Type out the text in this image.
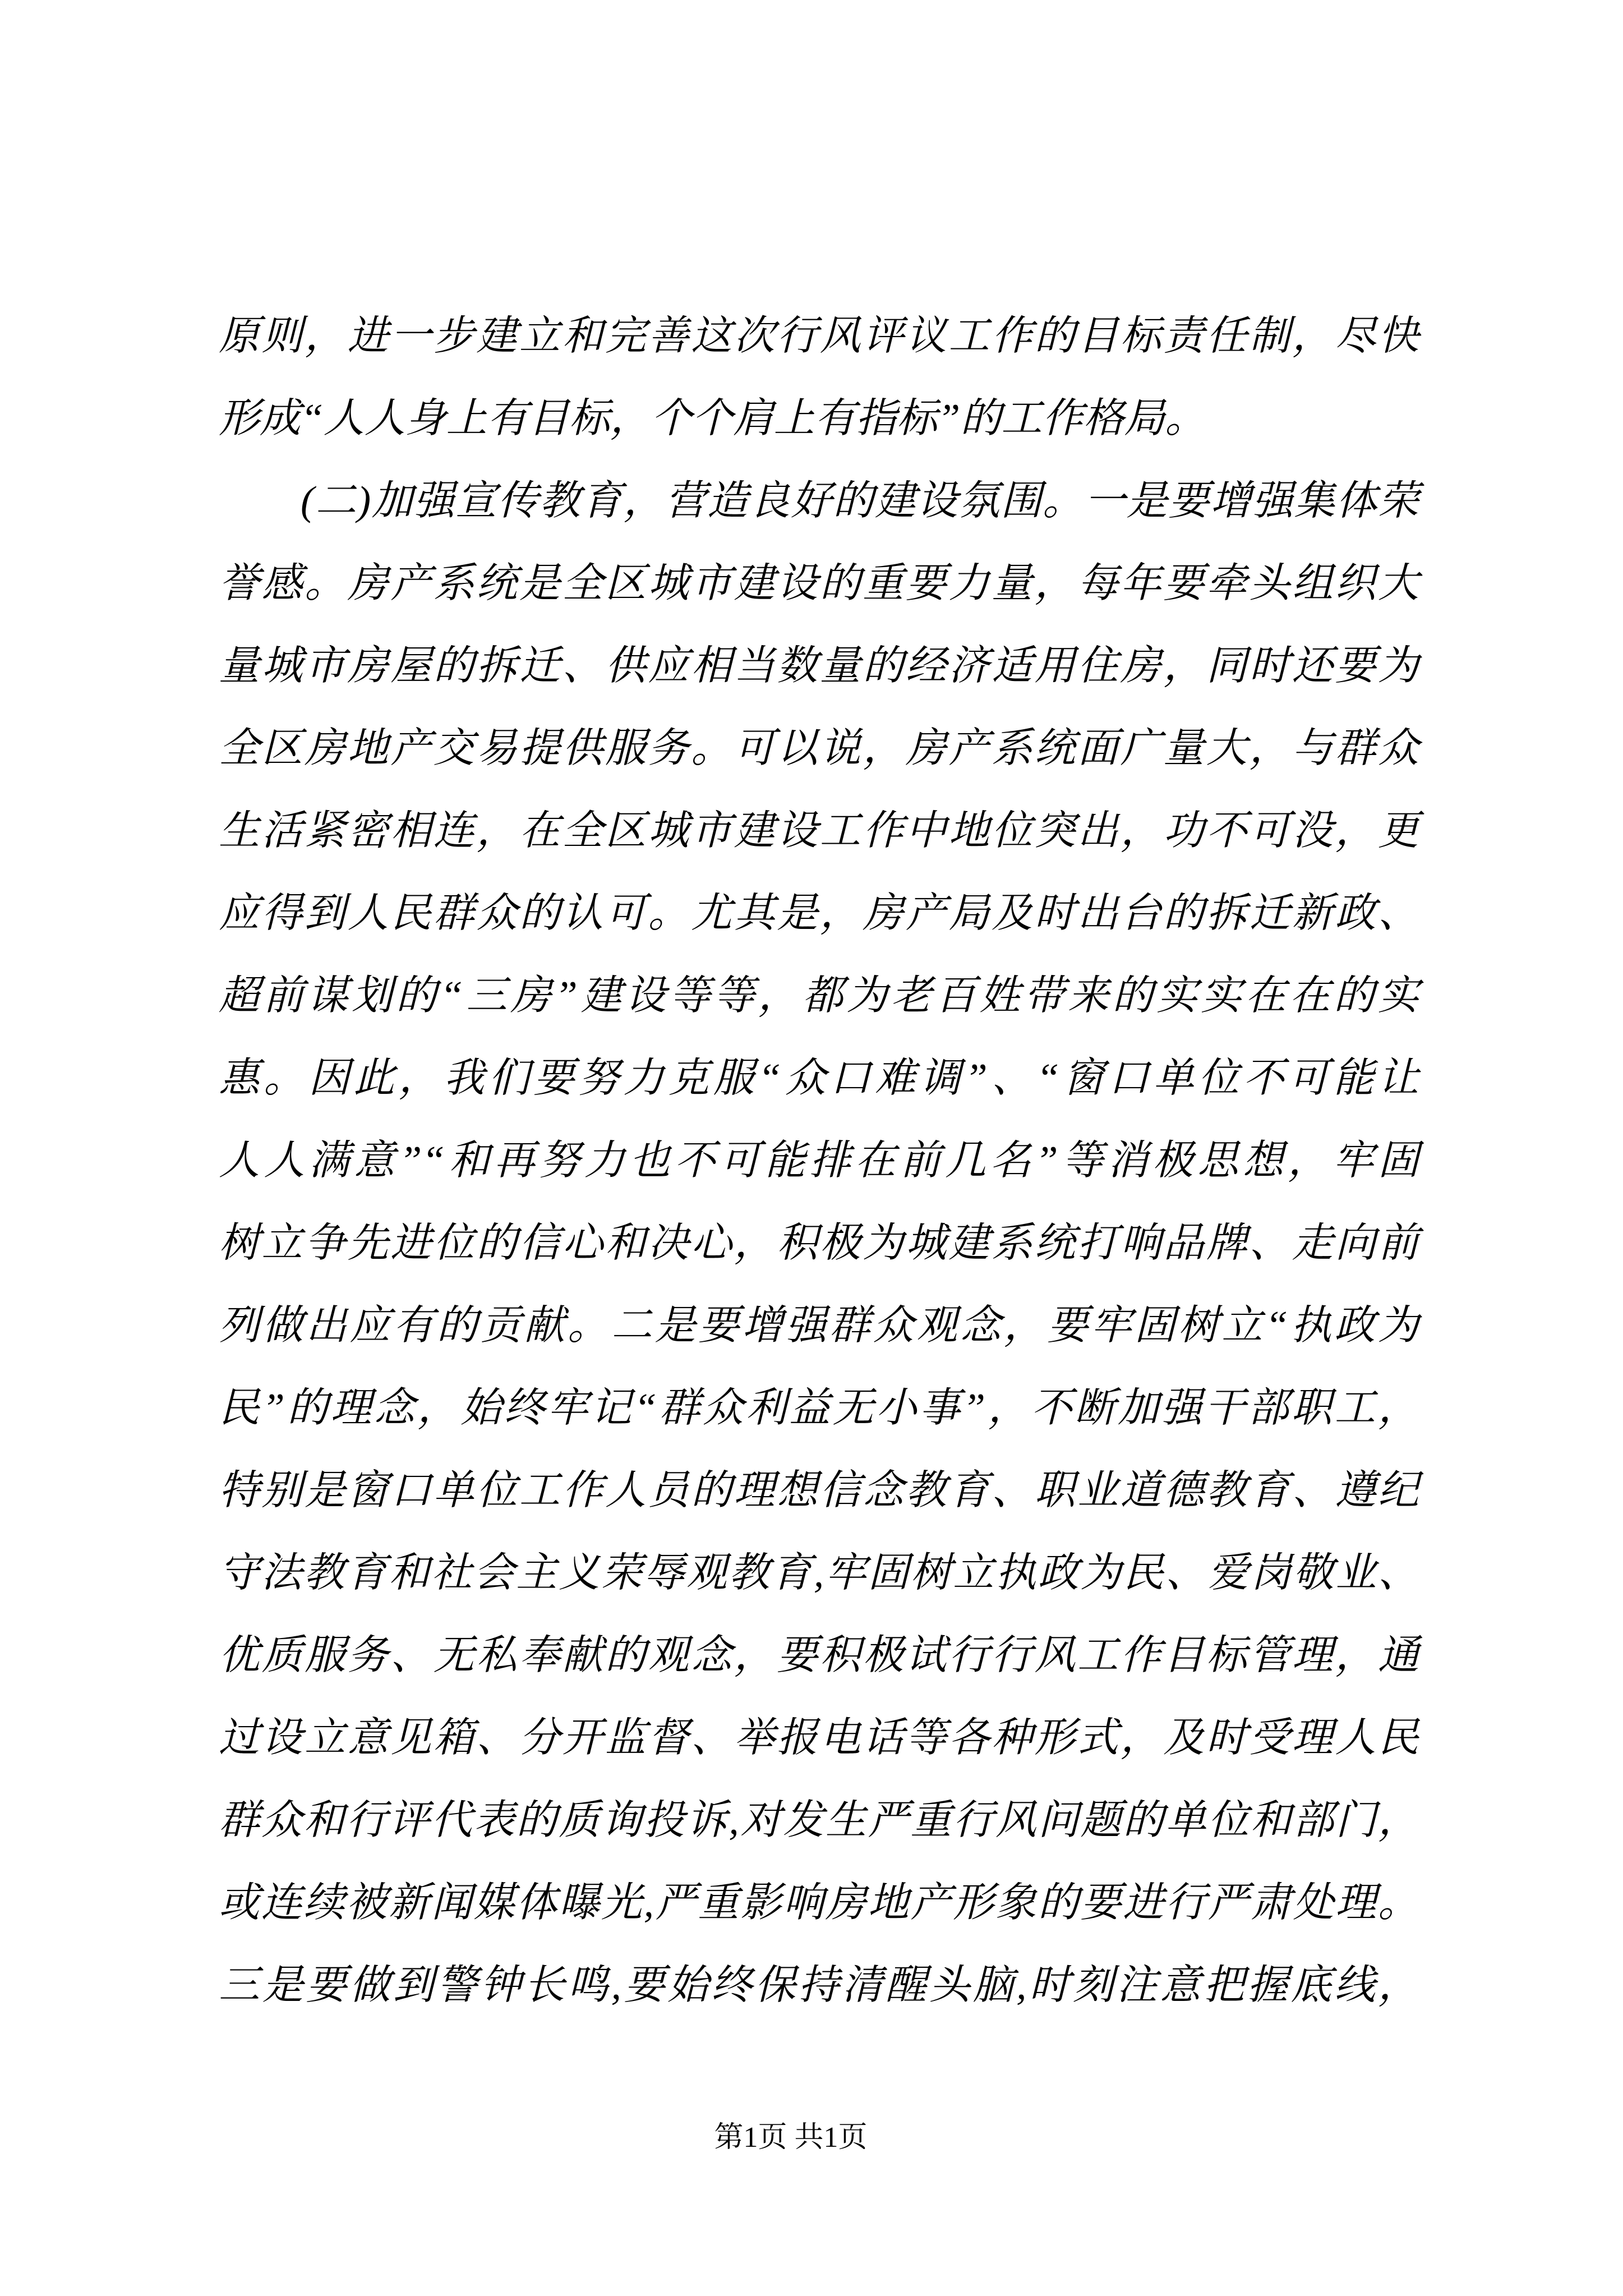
原则，进一步建立和完善这次行风评议工作的目标责任制，尽快
形成“人人身上有目标，个个肩上有指标”的工作格局。
(二)加强宣传教育，营造良好的建设氛围。一是要增强集体荣
誉感。房产系统是全区城市建设的重要力量，每年要牵头组织大
量城市房屋的拆迁、供应相当数量的经济适用住房，同时还要为
全区房地产交易提供服务。可以说，房产系统面广量大，与群众
生活紧密相连，在全区城市建设工作中地位突出，功不可没，更
应得到人民群众的认可。尤其是，房产局及时出台的拆迁新政、
超前谋划的“三房”建设等等，都为老百姓带来的实实在在的实
惠。因此，我们要努力克服“众口难调”、“窗口单位不可能让
人人满意”“和再努力也不可能排在前几名”等消极思想，牢固
树立争先进位的信心和决心，积极为城建系统打响品牌、走向前
列做出应有的贡献。二是要增强群众观念，要牢固树立“执政为
民”的理念，始终牢记“群众利益无小事”，不断加强干部职工，
特别是窗口单位工作人员的理想信念教育、职业道德教育、遵纪
守法教育和社会主义荣辱观教育,牢固树立执政为民、爱岗敬业、
优质服务、无私奉献的观念，要积极试行行风工作目标管理，通
过设立意见箱、分开监督、举报电话等各种形式，及时受理人民
群众和行评代表的质询投诉,对发生严重行风问题的单位和部门，
或连续被新闻媒体曝光,严重影响房地产形象的要进行严肃处理。
三是要做到警钟长鸣,要始终保持清醒头脑,时刻注意把握底线，
第1页 共1页
